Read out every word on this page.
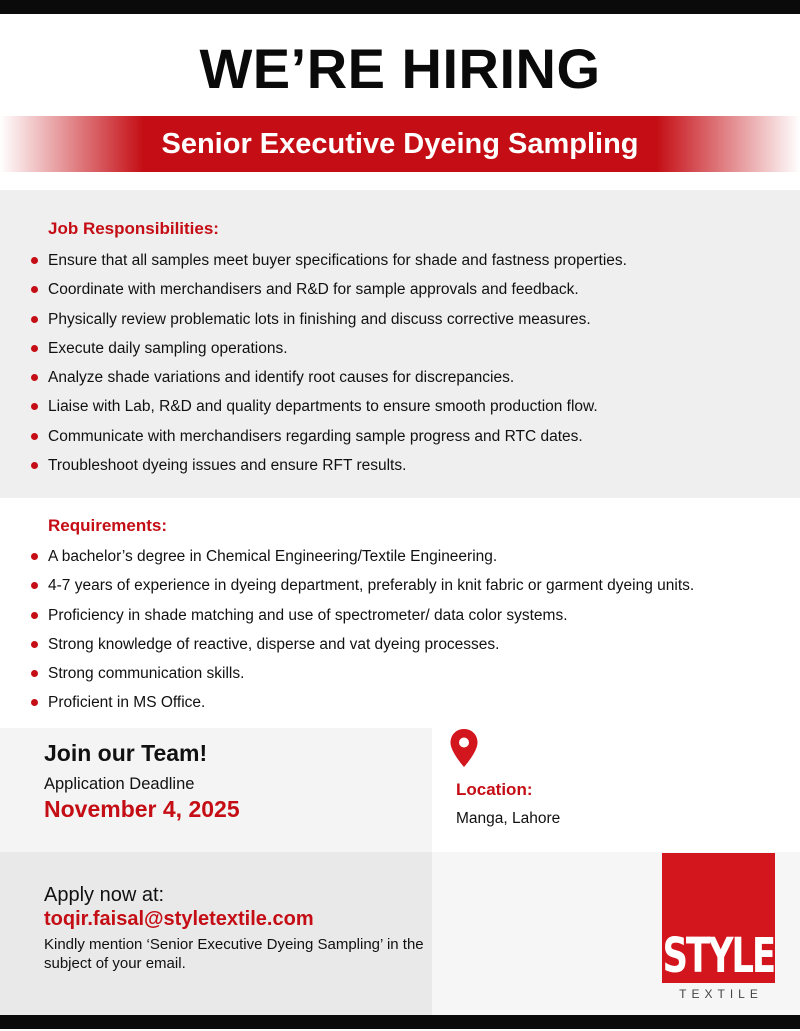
WE’RE HIRING
Senior Executive Dyeing Sampling
Job Responsibilities:
Ensure that all samples meet buyer specifications for shade and fastness properties.
Coordinate with merchandisers and R&D for sample approvals and feedback.
Physically review problematic lots in finishing and discuss corrective measures.
Execute daily sampling operations.
Analyze shade variations and identify root causes for discrepancies.
Liaise with Lab, R&D and quality departments to ensure smooth production flow.
Communicate with merchandisers regarding sample progress and RTC dates.
Troubleshoot dyeing issues and ensure RFT results.
Requirements:
A bachelor’s degree in Chemical Engineering/Textile Engineering.
4-7 years of experience in dyeing department, preferably in knit fabric or garment dyeing units.
Proficiency in shade matching and use of spectrometer/ data color systems.
Strong knowledge of reactive, disperse and vat dyeing processes.
Strong communication skills.
Proficient in MS Office.
Join our Team!
Application Deadline
November 4, 2025
Location:
Manga, Lahore
Apply now at:
toqir.faisal@styletextile.com
Kindly mention ‘Senior Executive Dyeing Sampling’ in the subject of your email.	STYLE
TEXTILE
